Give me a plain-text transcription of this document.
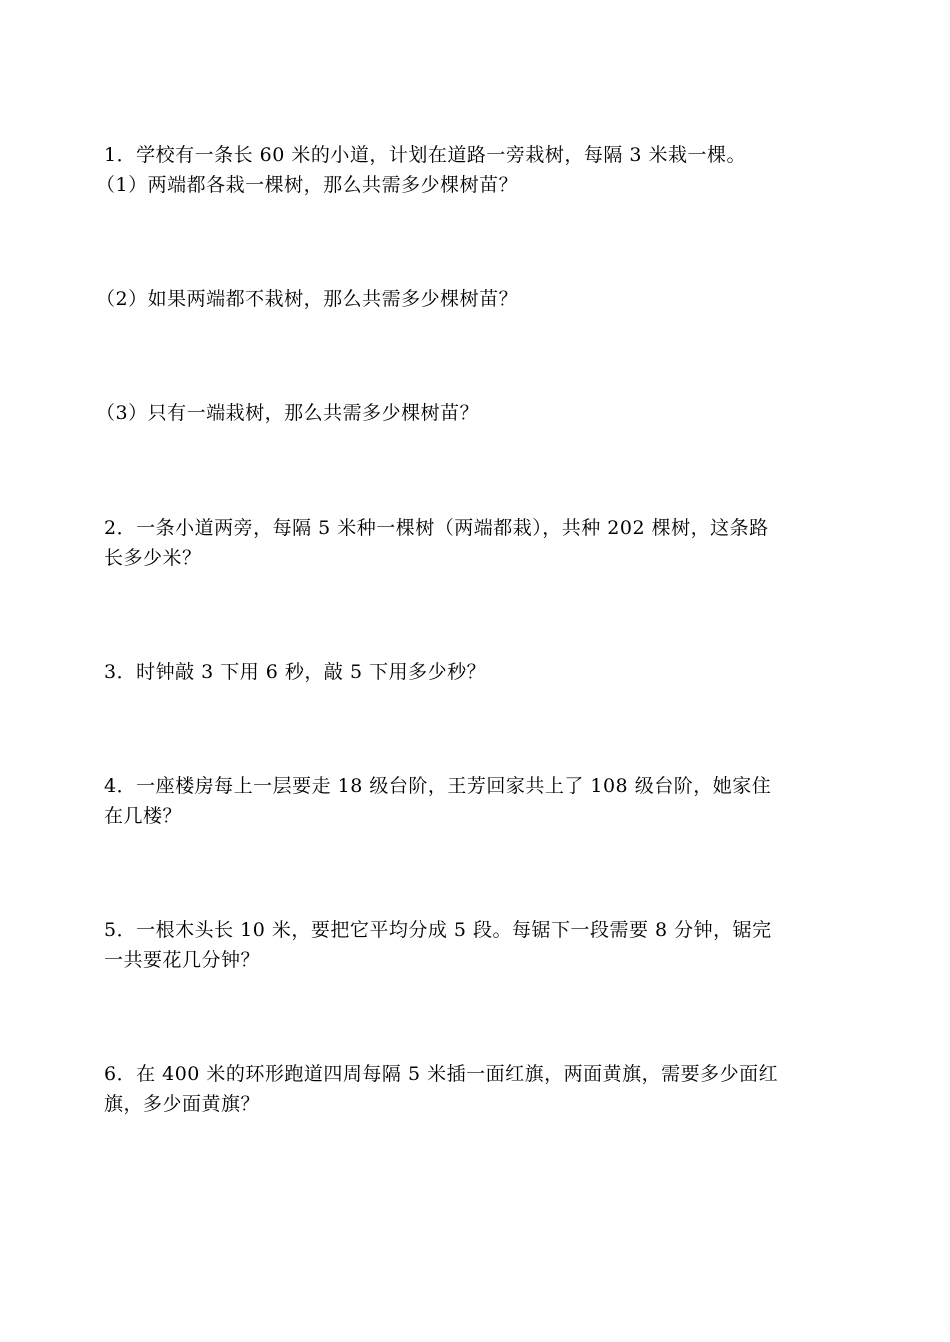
1．学校有一条长 60 米的小道，计划在道路一旁栽树，每隔 3 米栽一棵。
（1）两端都各栽一棵树，那么共需多少棵树苗？
（2）如果两端都不栽树，那么共需多少棵树苗？
（3）只有一端栽树，那么共需多少棵树苗？
2．一条小道两旁，每隔 5 米种一棵树（两端都栽），共种 202 棵树，这条路
长多少米？
3．时钟敲 3 下用 6 秒，敲 5 下用多少秒？
4．一座楼房每上一层要走 18 级台阶，王芳回家共上了 108 级台阶，她家住
在几楼？
5．一根木头长 10 米，要把它平均分成 5 段。每锯下一段需要 8 分钟，锯完
一共要花几分钟？
6．在 400 米的环形跑道四周每隔 5 米插一面红旗，两面黄旗，需要多少面红
旗，多少面黄旗？
